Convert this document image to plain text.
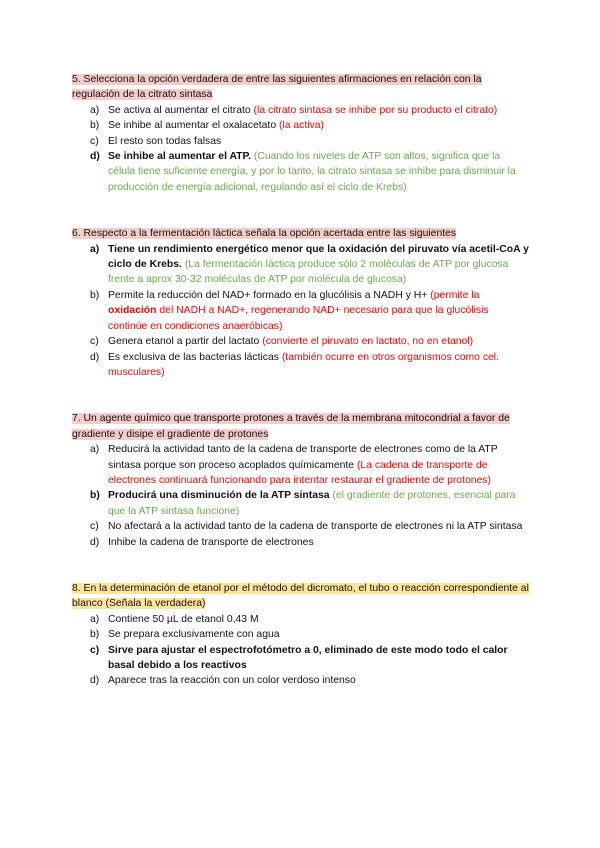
5. Selecciona la opción verdadera de entre las siguientes afirmaciones en relación con la regulación de la citrato sintasa
a) Se activa al aumentar el citrato (la citrato sintasa se inhibe por su producto el citrato)
b) Se inhibe al aumentar el oxalacetato (la activa)
c) El resto son todas falsas
d) Se inhibe al aumentar el ATP. (Cuando los niveles de ATP son altos, significa que la célula tiene suficiente energía, y por lo tanto, la citrato sintasa se inhibe para disminuir la producción de energía adicional, regulando así el ciclo de Krebs)
6. Respecto a la fermentación láctica señala la opción acertada entre las siguientes
a) Tiene un rendimiento energético menor que la oxidación del piruvato vía acetil-CoA y ciclo de Krebs. (La fermentación láctica produce sólo 2 moléculas de ATP por glucosa frente a aprox 30-32 moléculas de ATP por molécula de glucosa)
b) Permite la reducción del NAD+ formado en la glucólisis a NADH y H+ (permite la oxidación del NADH a NAD+, regenerando NAD+ necesario para que la glucólisis continúe en condiciones anaeróbicas)
c) Genera etanol a partir del lactato (convierte el piruvato en lactato, no en etanol)
d) Es exclusiva de las bacterias lácticas (también ocurre en otros organismos como cel. musculares)
7. Un agente químico que transporte protones a través de la membrana mitocondrial a favor de gradiente y disipe el gradiente de protones
a) Reducirá la actividad tanto de la cadena de transporte de electrones como de la ATP sintasa porque son proceso acoplados químicamente (La cadena de transporte de electrones continuará funcionando para intentar restaurar el gradiente de protones)
b) Producirá una disminución de la ATP sintasa (el gradiente de protones, esencial para que la ATP sintasa funcione)
c) No afectará a la actividad tanto de la cadena de transporte de electrones ni la ATP sintasa
d) Inhibe la cadena de transporte de electrones
8. En la determinación de etanol por el método del dicromato, el tubo o reacción correspondiente al blanco (Señala la verdadera)
a) Contiene 50 µL de etanol 0,43 M
b) Se prepara exclusivamente con agua
c) Sirve para ajustar el espectrofotómetro a 0, eliminado de este modo todo el calor basal debido a los reactivos
d) Aparece tras la reacción con un color verdoso intenso
